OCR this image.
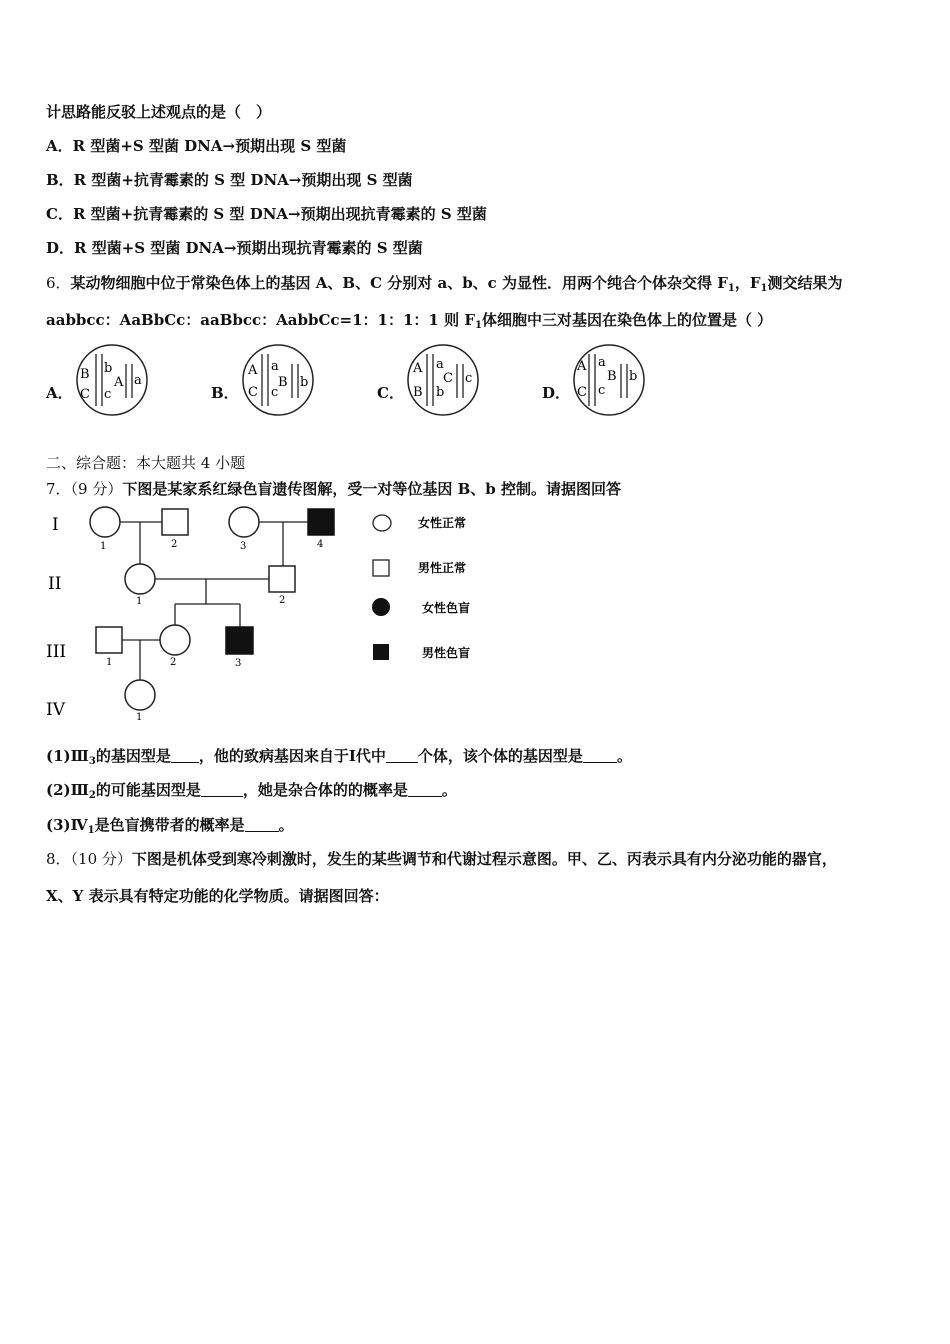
计思路能反驳上述观点的是（　）
A．R 型菌+S 型菌 DNA→预期出现 S 型菌
B．R 型菌+抗青霉素的 S 型 DNA→预期出现 S 型菌
C．R 型菌+抗青霉素的 S 型 DNA→预期出现抗青霉素的 S 型菌
D．R 型菌+S 型菌 DNA→预期出现抗青霉素的 S 型菌
6．某动物细胞中位于常染色体上的基因 A、B、C 分别对 a、b、c 为显性．用两个纯合个体杂交得 $F_1$，$F_1$测交结果为
aabbcc：AaBbCc：aaBbcc：AabbCc=1：1：1：1 则 $F_1$体细胞中三对基因在染色体上的位置是（ ）
A．	B．	C．	D．
B b
C c
A a
A a
C c
B b
A a
B b
C c
A a
C c
B b
二、综合题：本大题共 4 小题
7．（9 分）下图是某家系红绿色盲遗传图解，受一对等位基因 B、b 控制。请据图回答
I
II
III
IV
1	2	3	4
1	2
1	2	3
1
女性正常
男性正常
女性色盲
男性色盲
$(1)Ⅲ_3$的基因型是 ，他的致病基因来自于Ⅰ代中 个体，该个体的基因型是 。
$(2)Ⅲ_2$的可能基因型是	，她是杂合体的的概率是 。
$(3)Ⅳ_1$是色盲携带者的概率是 。
8．（10 分）下图是机体受到寒冷刺激时，发生的某些调节和代谢过程示意图。甲、乙、丙表示具有内分泌功能的器官，
X、Y 表示具有特定功能的化学物质。请据图回答：
